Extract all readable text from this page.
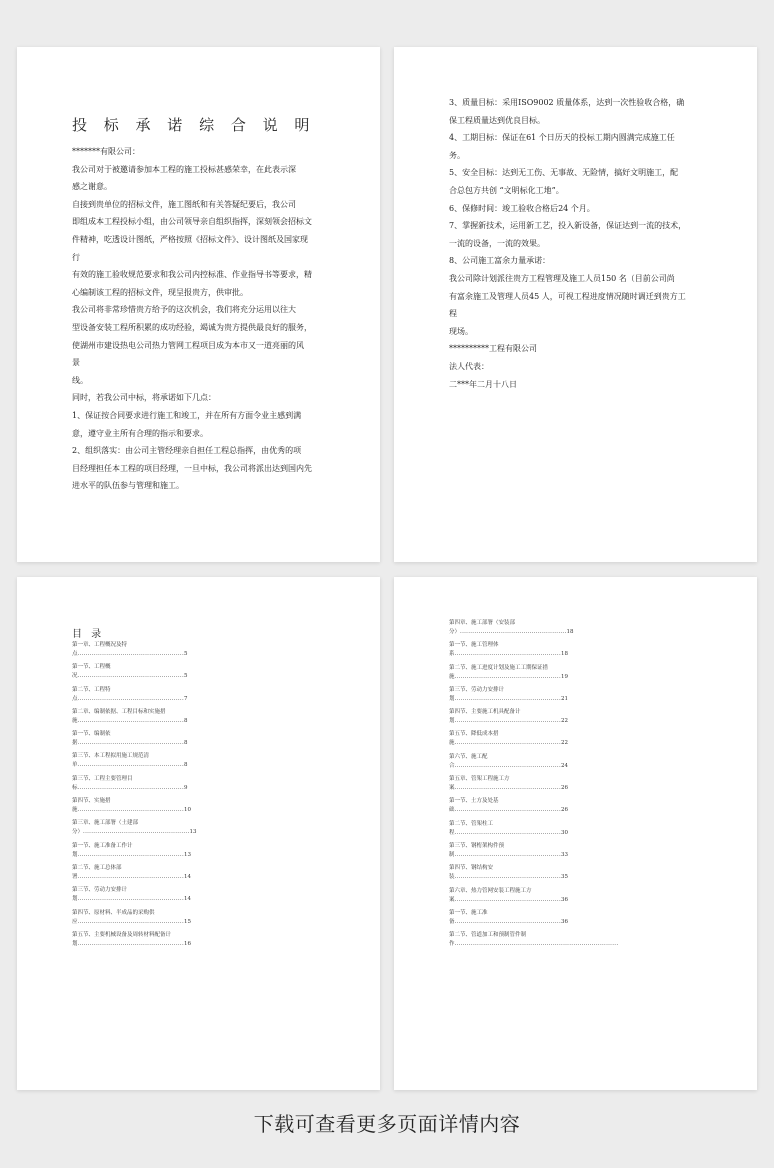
投 标 承 诺 综 合 说 明

*******有限公司：

我公司对于被邀请参加本工程的施工投标甚感荣幸，在此表示深

感之谢意。

自接到贵单位的招标文件，施工图纸和有关答疑纪要后，我公司

即组成本工程投标小组，由公司领导亲自组织指挥，深刻领会招标文

件精神，吃透设计图纸，严格按照《招标文件》、设计图纸及国家现

行

有效的施工验收规范要求和我公司内控标准、作业指导书等要求，精

心编制该工程的招标文件，现呈报贵方，供审批。

我公司将非常珍惜贵方给予的这次机会，我们将充分运用以往大

型设备安装工程所积累的成功经验，竭诚为贵方提供最良好的服务，

使湖州市建设热电公司热力管网工程项目成为本市又一道亮丽的风

景

线。

同时，若我公司中标，将承诺如下几点：

1、保证按合同要求进行施工和竣工，并在所有方面令业主感到满

意，遵守业主所有合理的指示和要求。

2、组织落实：由公司主管经理亲自担任工程总指挥，由优秀的项

目经理担任本工程的项目经理，一旦中标，我公司将派出达到国内先

进水平的队伍参与管理和施工。

3、质量目标：采用ISO9002 质量体系，达到一次性验收合格，确

保工程质量达到优良目标。

4、工期目标：保证在61 个日历天的投标工期内圆满完成施工任

务。

5、安全目标：达到无工伤、无事故、无险情，搞好文明施工，配

合总包方共创 “文明标化工地”。

6、保修时间：竣工验收合格后24 个月。

7、掌握新技术，运用新工艺，投入新设备，保证达到一流的技术，

一流的设备，一流的效果。

8、公司施工富余力量承诺：

我公司除计划派往贵方工程管理及施工人员150 名（目前公司尚

有富余施工及管理人员45 人，可视工程进度情况随时调迁到贵方工

程

现场。

**********工程有限公司

法人代表：

二***年二月十八日

目 录
第一章、工程概况及特
点....................................................5
第一节、工程概
况....................................................5
第二节、工程特
点....................................................7
第二章、编制依据、工程目标和实施措
施....................................................8
第一节、编制依
据....................................................8
第三节、本工程拟用施工规范清
单....................................................8
第三节、工程主要管理目
标....................................................9
第四节、实施措
施....................................................10
第三章、施工部署（土建部
分）....................................................13
第一节、施工准备工作计
划....................................................13
第二节、施工总体部
署....................................................14
第三节、劳动力安排计
划....................................................14
第四节、原材料、半成品的采购供
应....................................................15
第五节、主要机械设备及周转材料配备计
划....................................................16
第四章、施工部署（安装部
分）....................................................18
第一节、施工管理体
系....................................................18
第二节、施工进度计划及施工工期保证措
施....................................................19
第三节、劳动力安排计
划....................................................21
第四节、主要施工机具配备计
划....................................................22
第五节、降低成本措
施....................................................22
第六节、施工配
合....................................................24
第五章、管架工程施工方
案....................................................26
第一节、土方及处基
础....................................................26
第二节、管架柱工
程....................................................30
第三节、钢桁架构件预
制....................................................33
第四节、钢结构安
装....................................................35
第六章、热力管网安装工程施工方
案....................................................36
第一节、施工准
备....................................................36
第二节、管道加工和预制管件制
作................................................................................
下载可查看更多页面详情内容
